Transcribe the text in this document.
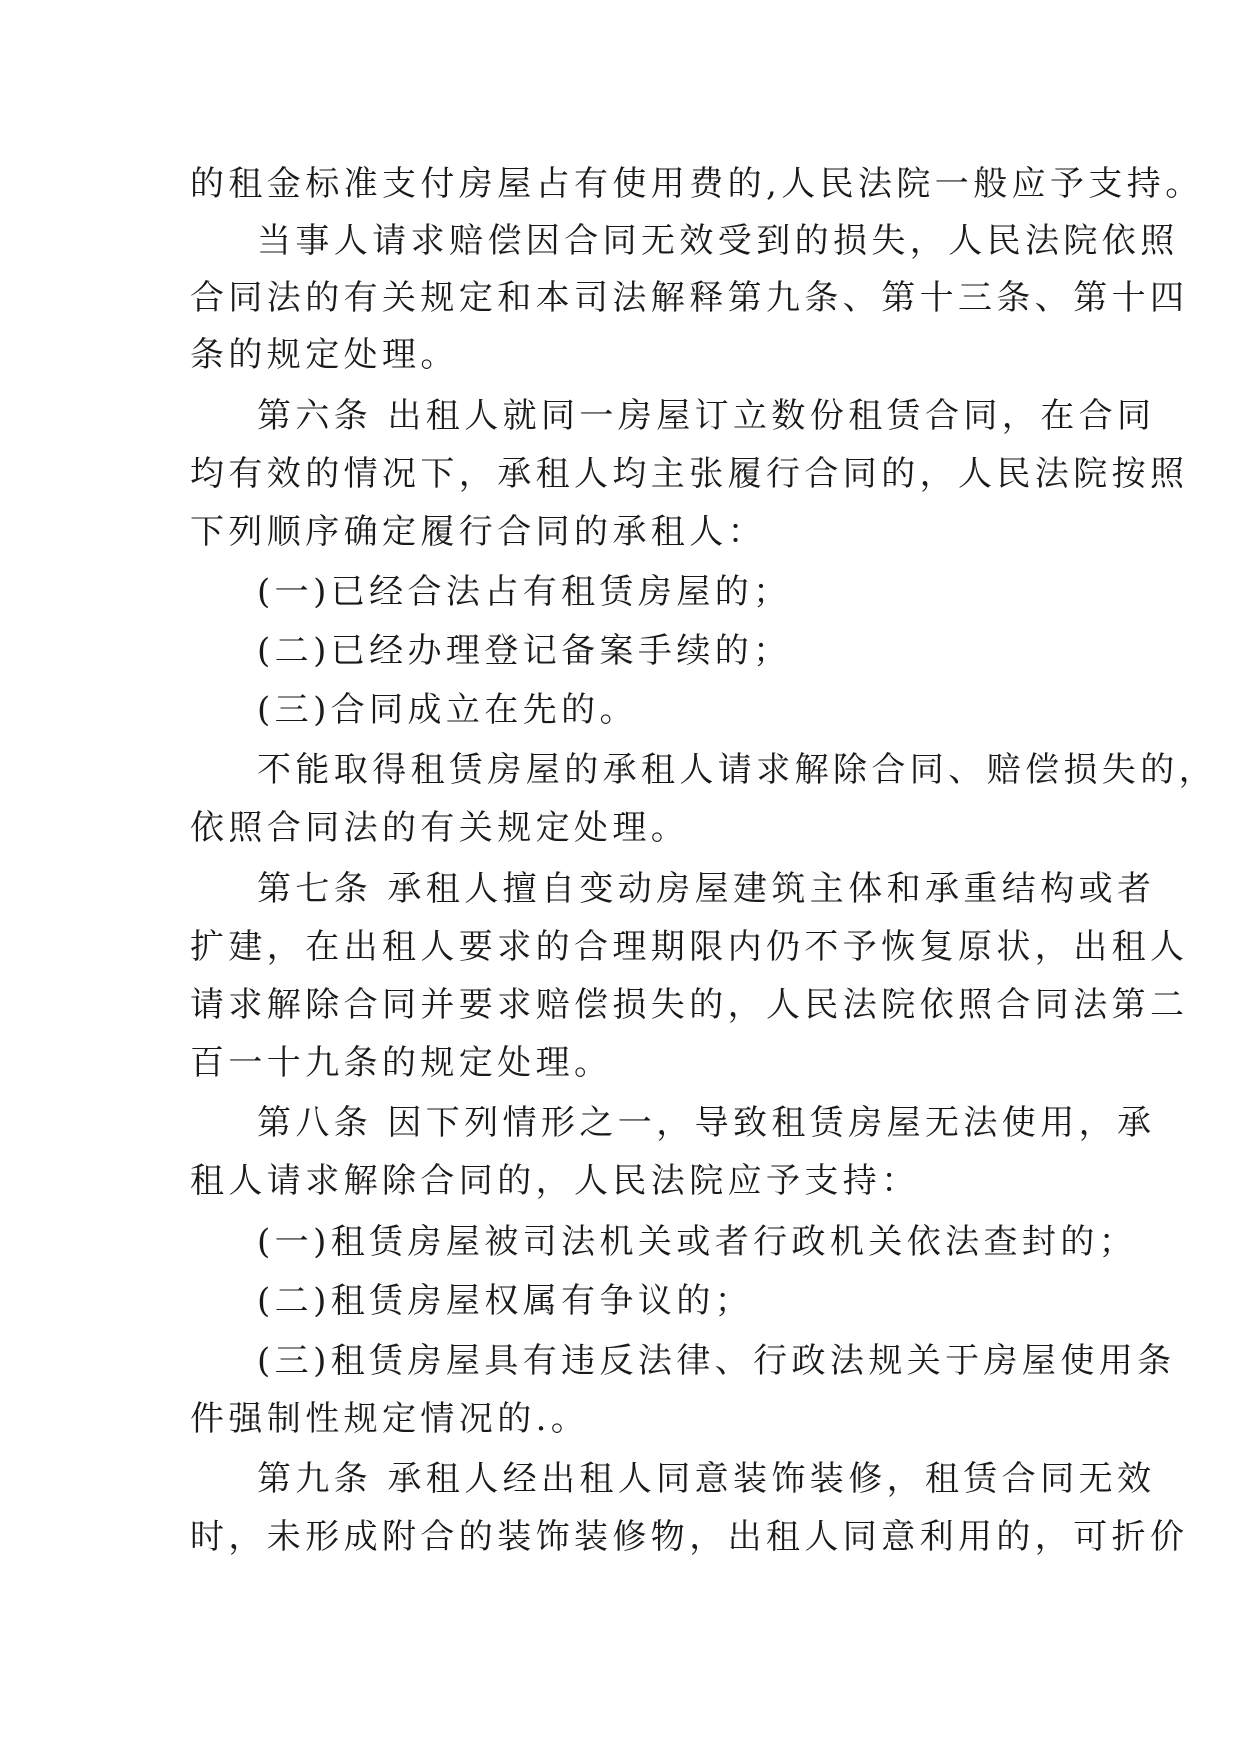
的租金标准支付房屋占有使用费的,人民法院一般应予支持。
当事人请求赔偿因合同无效受到的损失，人民法院依照
合同法的有关规定和本司法解释第九条、第十三条、第十四
条的规定处理。
第六条 出租人就同一房屋订立数份租赁合同，在合同
均有效的情况下，承租人均主张履行合同的，人民法院按照
下列顺序确定履行合同的承租人：
(一)已经合法占有租赁房屋的；
(二)已经办理登记备案手续的；
(三)合同成立在先的。
不能取得租赁房屋的承租人请求解除合同、赔偿损失的，
依照合同法的有关规定处理。
第七条 承租人擅自变动房屋建筑主体和承重结构或者
扩建，在出租人要求的合理期限内仍不予恢复原状，出租人
请求解除合同并要求赔偿损失的，人民法院依照合同法第二
百一十九条的规定处理。
第八条 因下列情形之一，导致租赁房屋无法使用，承
租人请求解除合同的，人民法院应予支持：
(一)租赁房屋被司法机关或者行政机关依法查封的；
(二)租赁房屋权属有争议的；
(三)租赁房屋具有违反法律、行政法规关于房屋使用条
件强制性规定情况的.。
第九条 承租人经出租人同意装饰装修，租赁合同无效
时，未形成附合的装饰装修物，出租人同意利用的，可折价
